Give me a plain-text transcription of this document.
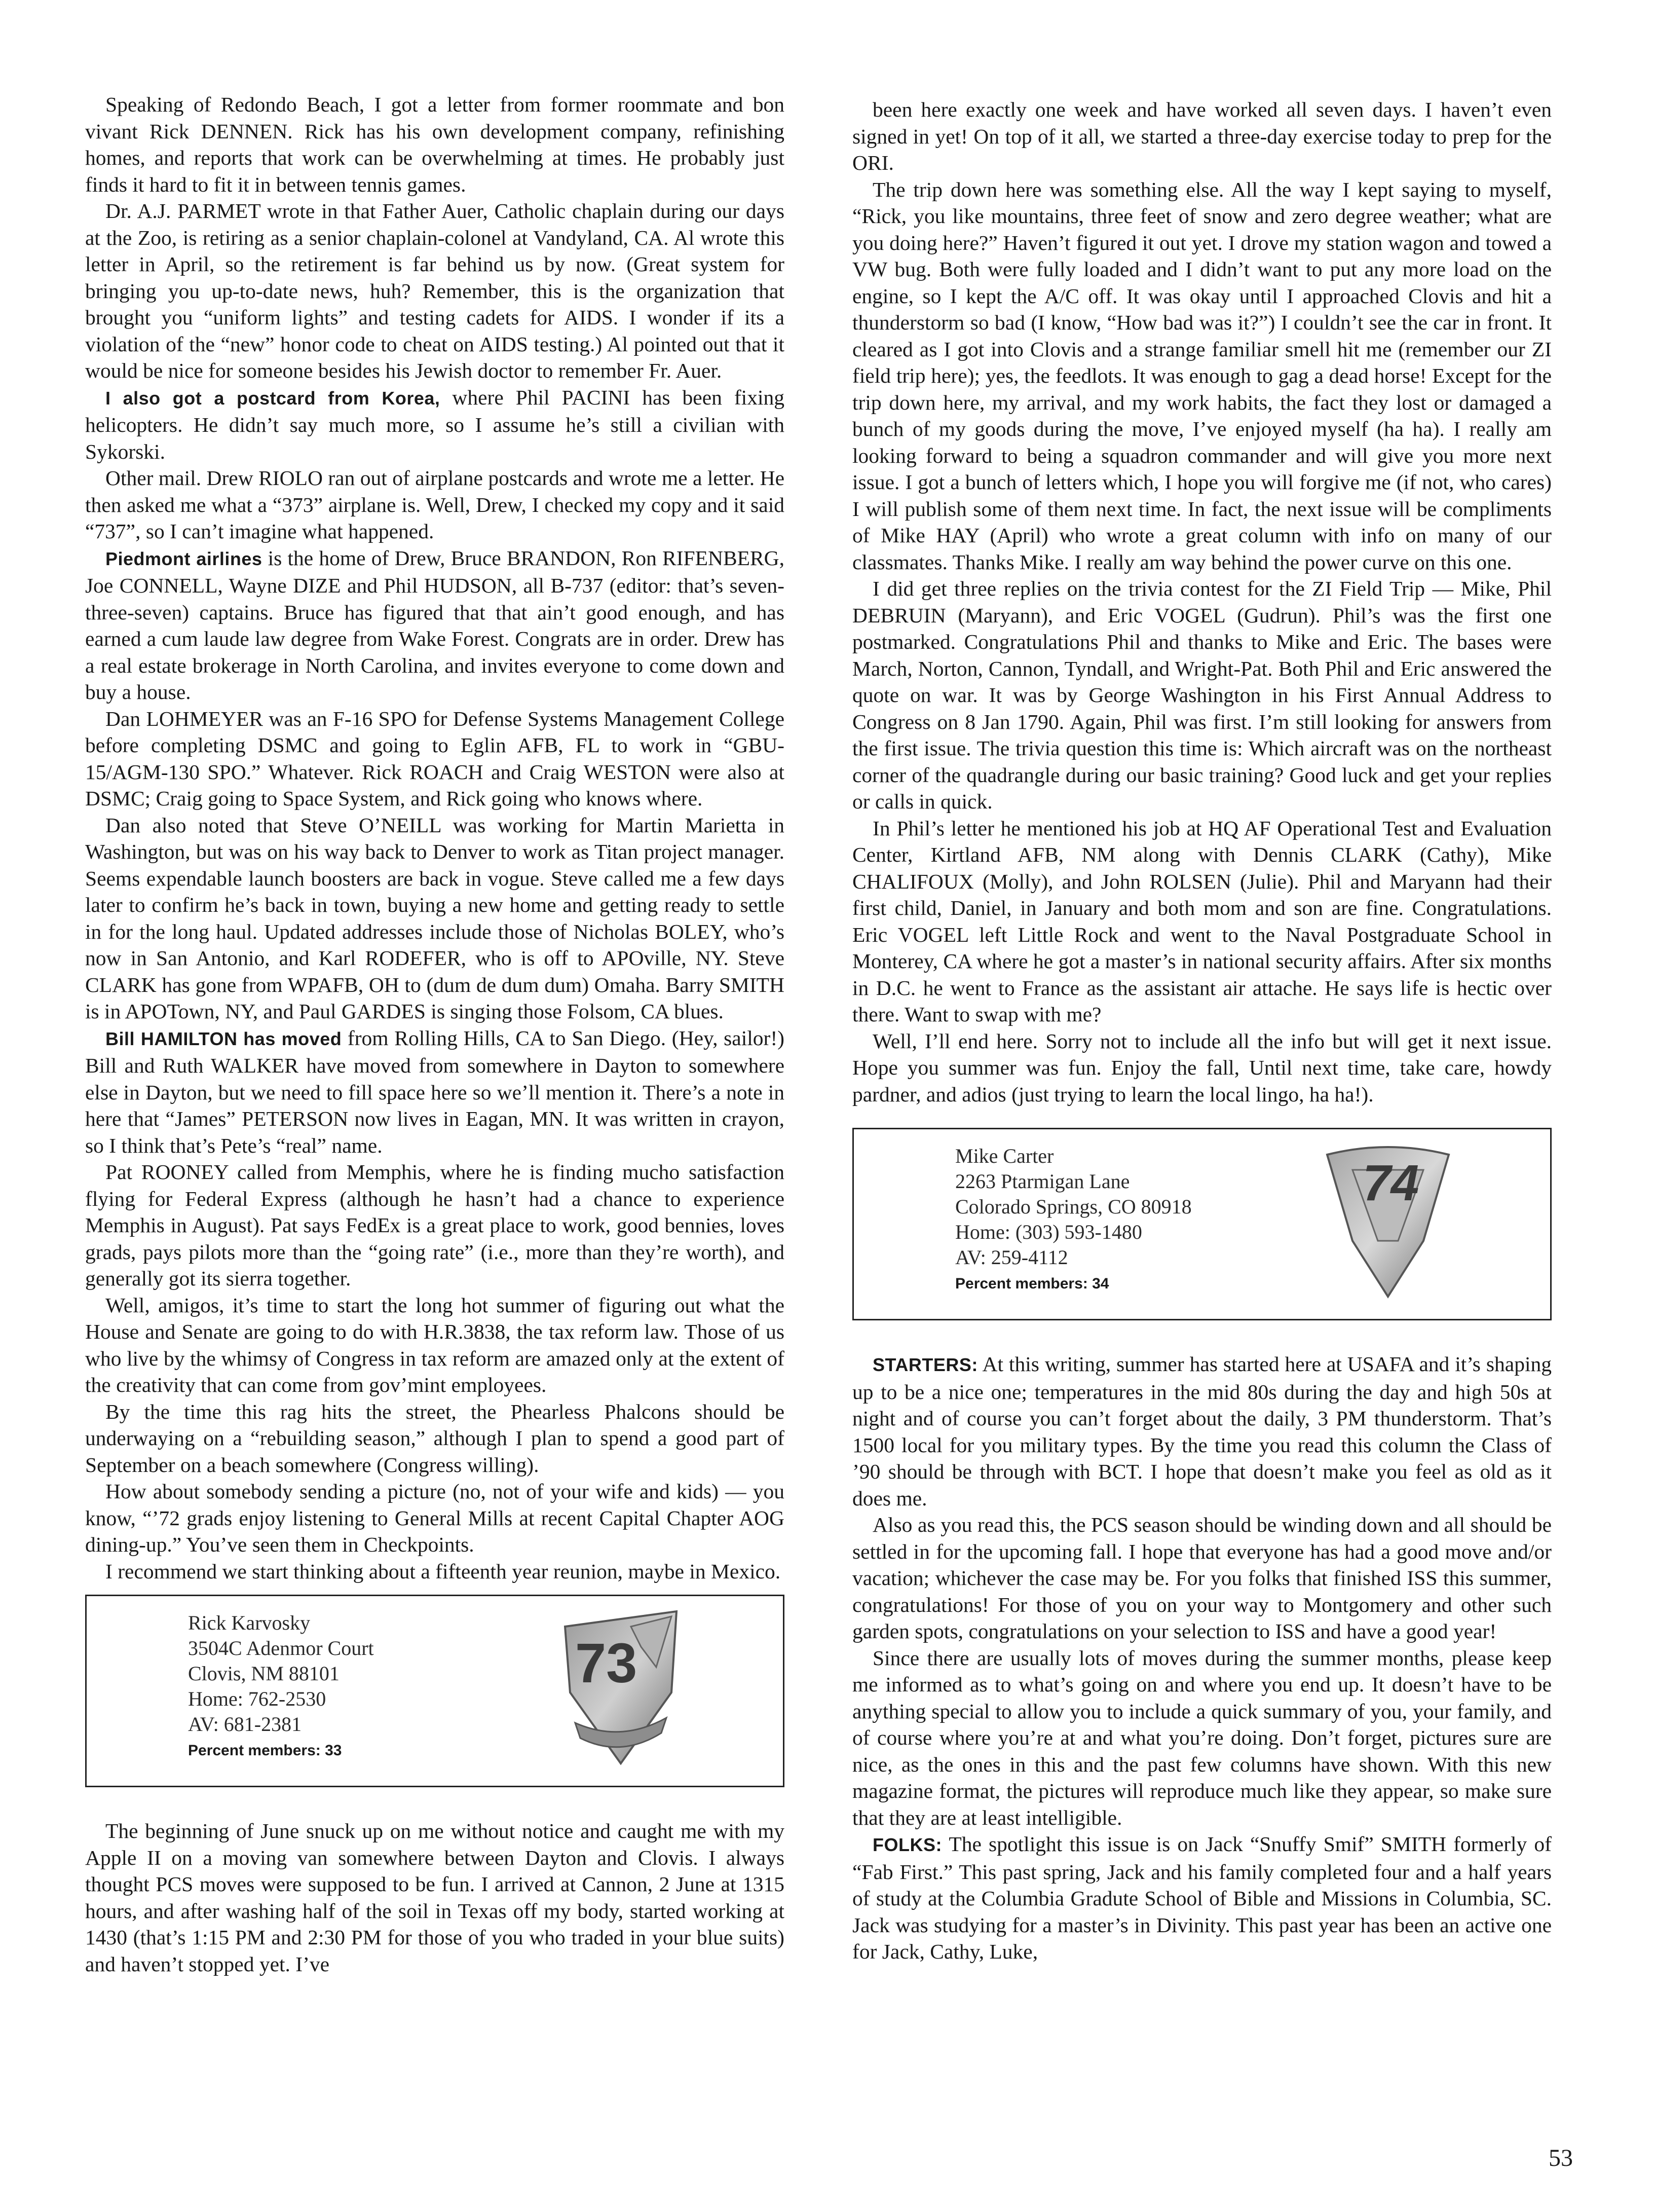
Speaking of Redondo Beach, I got a letter from former roommate and bon vivant Rick DENNEN. Rick has his own development company, refinishing homes, and reports that work can be overwhelming at times. He probably just finds it hard to fit it in between tennis games.

Dr. A.J. PARMET wrote in that Father Auer, Catholic chaplain during our days at the Zoo, is retiring as a senior chaplain-colonel at Vandyland, CA. Al wrote this letter in April, so the retirement is far behind us by now. (Great system for bringing you up-to-date news, huh? Remember, this is the organization that brought you “uniform lights” and testing cadets for AIDS. I wonder if its a violation of the “new” honor code to cheat on AIDS testing.) Al pointed out that it would be nice for someone besides his Jewish doctor to remember Fr. Auer.

I also got a postcard from Korea, where Phil PACINI has been fixing helicopters. He didn’t say much more, so I assume he’s still a civilian with Sykorski.

Other mail. Drew RIOLO ran out of airplane postcards and wrote me a letter. He then asked me what a “373” airplane is. Well, Drew, I checked my copy and it said “737”, so I can’t imagine what happened.

Piedmont airlines is the home of Drew, Bruce BRANDON, Ron RIFENBERG, Joe CONNELL, Wayne DIZE and Phil HUDSON, all B-737 (editor: that’s seven-three-seven) captains. Bruce has figured that that ain’t good enough, and has earned a cum laude law degree from Wake Forest. Congrats are in order. Drew has a real estate brokerage in North Carolina, and invites everyone to come down and buy a house.

Dan LOHMEYER was an F-16 SPO for Defense Systems Management College before completing DSMC and going to Eglin AFB, FL to work in “GBU-15/AGM-130 SPO.” Whatever. Rick ROACH and Craig WESTON were also at DSMC; Craig going to Space System, and Rick going who knows where.

Dan also noted that Steve O’NEILL was working for Martin Marietta in Washington, but was on his way back to Denver to work as Titan project manager. Seems expendable launch boosters are back in vogue. Steve called me a few days later to confirm he’s back in town, buying a new home and getting ready to settle in for the long haul. Updated addresses include those of Nicholas BOLEY, who’s now in San Antonio, and Karl RODEFER, who is off to APOville, NY. Steve CLARK has gone from WPAFB, OH to (dum de dum dum) Omaha. Barry SMITH is in APOTown, NY, and Paul GARDES is singing those Folsom, CA blues.

Bill HAMILTON has moved from Rolling Hills, CA to San Diego. (Hey, sailor!) Bill and Ruth WALKER have moved from somewhere in Dayton to somewhere else in Dayton, but we need to fill space here so we’ll mention it. There’s a note in here that “James” PETERSON now lives in Eagan, MN. It was written in crayon, so I think that’s Pete’s “real” name.

Pat ROONEY called from Memphis, where he is finding mucho satisfaction flying for Federal Express (although he hasn’t had a chance to experience Memphis in August). Pat says FedEx is a great place to work, good bennies, loves grads, pays pilots more than the “going rate” (i.e., more than they’re worth), and generally got its sierra together.

Well, amigos, it’s time to start the long hot summer of figuring out what the House and Senate are going to do with H.R.3838, the tax reform law. Those of us who live by the whimsy of Congress in tax reform are amazed only at the extent of the creativity that can come from gov’mint employees.

By the time this rag hits the street, the Phearless Phalcons should be underwaying on a “rebuilding season,” although I plan to spend a good part of September on a beach somewhere (Congress willing).

How about somebody sending a picture (no, not of your wife and kids) — you know, “’72 grads enjoy listening to General Mills at recent Capital Chapter AOG dining-up.” You’ve seen them in Checkpoints.

I recommend we start thinking about a fifteenth year reunion, maybe in Mexico.

Rick Karvosky
3504C Adenmor Court
Clovis, NM 88101
Home: 762-2530
AV: 681-2381
Percent members: 33
73

The beginning of June snuck up on me without notice and caught me with my Apple II on a moving van somewhere between Dayton and Clovis. I always thought PCS moves were supposed to be fun. I arrived at Cannon, 2 June at 1315 hours, and after washing half of the soil in Texas off my body, started working at 1430 (that’s 1:15 PM and 2:30 PM for those of you who traded in your blue suits) and haven’t stopped yet. I’ve

been here exactly one week and have worked all seven days. I haven’t even signed in yet! On top of it all, we started a three-day exercise today to prep for the ORI.

The trip down here was something else. All the way I kept saying to myself, “Rick, you like mountains, three feet of snow and zero degree weather; what are you doing here?” Haven’t figured it out yet. I drove my station wagon and towed a VW bug. Both were fully loaded and I didn’t want to put any more load on the engine, so I kept the A/C off. It was okay until I approached Clovis and hit a thunderstorm so bad (I know, “How bad was it?”) I couldn’t see the car in front. It cleared as I got into Clovis and a strange familiar smell hit me (remember our ZI field trip here); yes, the feedlots. It was enough to gag a dead horse! Except for the trip down here, my arrival, and my work habits, the fact they lost or damaged a bunch of my goods during the move, I’ve enjoyed myself (ha ha). I really am looking forward to being a squadron commander and will give you more next issue. I got a bunch of letters which, I hope you will forgive me (if not, who cares) I will publish some of them next time. In fact, the next issue will be compliments of Mike HAY (April) who wrote a great column with info on many of our classmates. Thanks Mike. I really am way behind the power curve on this one.

I did get three replies on the trivia contest for the ZI Field Trip — Mike, Phil DEBRUIN (Maryann), and Eric VOGEL (Gudrun). Phil’s was the first one postmarked. Congratulations Phil and thanks to Mike and Eric. The bases were March, Norton, Cannon, Tyndall, and Wright-Pat. Both Phil and Eric answered the quote on war. It was by George Washington in his First Annual Address to Congress on 8 Jan 1790. Again, Phil was first. I’m still looking for answers from the first issue. The trivia question this time is: Which aircraft was on the northeast corner of the quadrangle during our basic training? Good luck and get your replies or calls in quick.

In Phil’s letter he mentioned his job at HQ AF Operational Test and Evaluation Center, Kirtland AFB, NM along with Dennis CLARK (Cathy), Mike CHALIFOUX (Molly), and John ROLSEN (Julie). Phil and Maryann had their first child, Daniel, in January and both mom and son are fine. Congratulations. Eric VOGEL left Little Rock and went to the Naval Postgraduate School in Monterey, CA where he got a master’s in national security affairs. After six months in D.C. he went to France as the assistant air attache. He says life is hectic over there. Want to swap with me?

Well, I’ll end here. Sorry not to include all the info but will get it next issue. Hope you summer was fun. Enjoy the fall, Until next time, take care, howdy pardner, and adios (just trying to learn the local lingo, ha ha!).

Mike Carter
2263 Ptarmigan Lane
Colorado Springs, CO 80918
Home: (303) 593-1480
AV: 259-4112
Percent members: 34
74

STARTERS: At this writing, summer has started here at USAFA and it’s shaping up to be a nice one; temperatures in the mid 80s during the day and high 50s at night and of course you can’t forget about the daily, 3 PM thunderstorm. That’s 1500 local for you military types. By the time you read this column the Class of ’90 should be through with BCT. I hope that doesn’t make you feel as old as it does me.

Also as you read this, the PCS season should be winding down and all should be settled in for the upcoming fall. I hope that everyone has had a good move and/or vacation; whichever the case may be. For you folks that finished ISS this summer, congratulations! For those of you on your way to Montgomery and other such garden spots, congratulations on your selection to ISS and have a good year!

Since there are usually lots of moves during the summer months, please keep me informed as to what’s going on and where you end up. It doesn’t have to be anything special to allow you to include a quick summary of you, your family, and of course where you’re at and what you’re doing. Don’t forget, pictures sure are nice, as the ones in this and the past few columns have shown. With this new magazine format, the pictures will reproduce much like they appear, so make sure that they are at least intelligible.

FOLKS: The spotlight this issue is on Jack “Snuffy Smif” SMITH formerly of “Fab First.” This past spring, Jack and his family completed four and a half years of study at the Columbia Gradute School of Bible and Missions in Columbia, SC. Jack was studying for a master’s in Divinity. This past year has been an active one for Jack, Cathy, Luke,

53
